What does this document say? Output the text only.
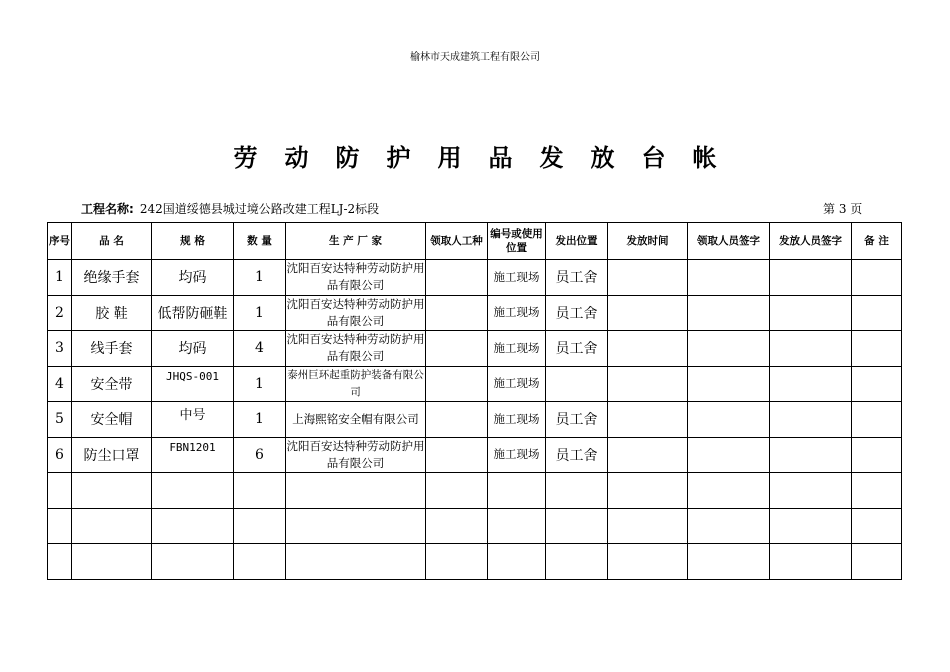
榆林市天成建筑工程有限公司
劳动防护用品发放台帐
工程名称: 242国道绥德县城过境公路改建工程LJ-2标段	第 3 页
序号	品 名	规 格	数 量	生 产 厂 家	领取人工种	编号或使用位置	发出位置	发放时间	领取人员签字	发放人员签字	备 注
1	绝缘手套	均码	1	沈阳百安达特种劳动防护用品有限公司		施工现场	员工舍				
2	胶 鞋	低帮防砸鞋	1	沈阳百安达特种劳动防护用品有限公司		施工现场	员工舍				
3	线手套	均码	4	沈阳百安达特种劳动防护用品有限公司		施工现场	员工舍				
4	安全带	JHQS-001	1	泰州巨环起重防护装备有限公司		施工现场					
5	安全帽	中号	1	上海熙铭安全帽有限公司		施工现场	员工舍				
6	防尘口罩	FBN1201	6	沈阳百安达特种劳动防护用品有限公司		施工现场	员工舍				
